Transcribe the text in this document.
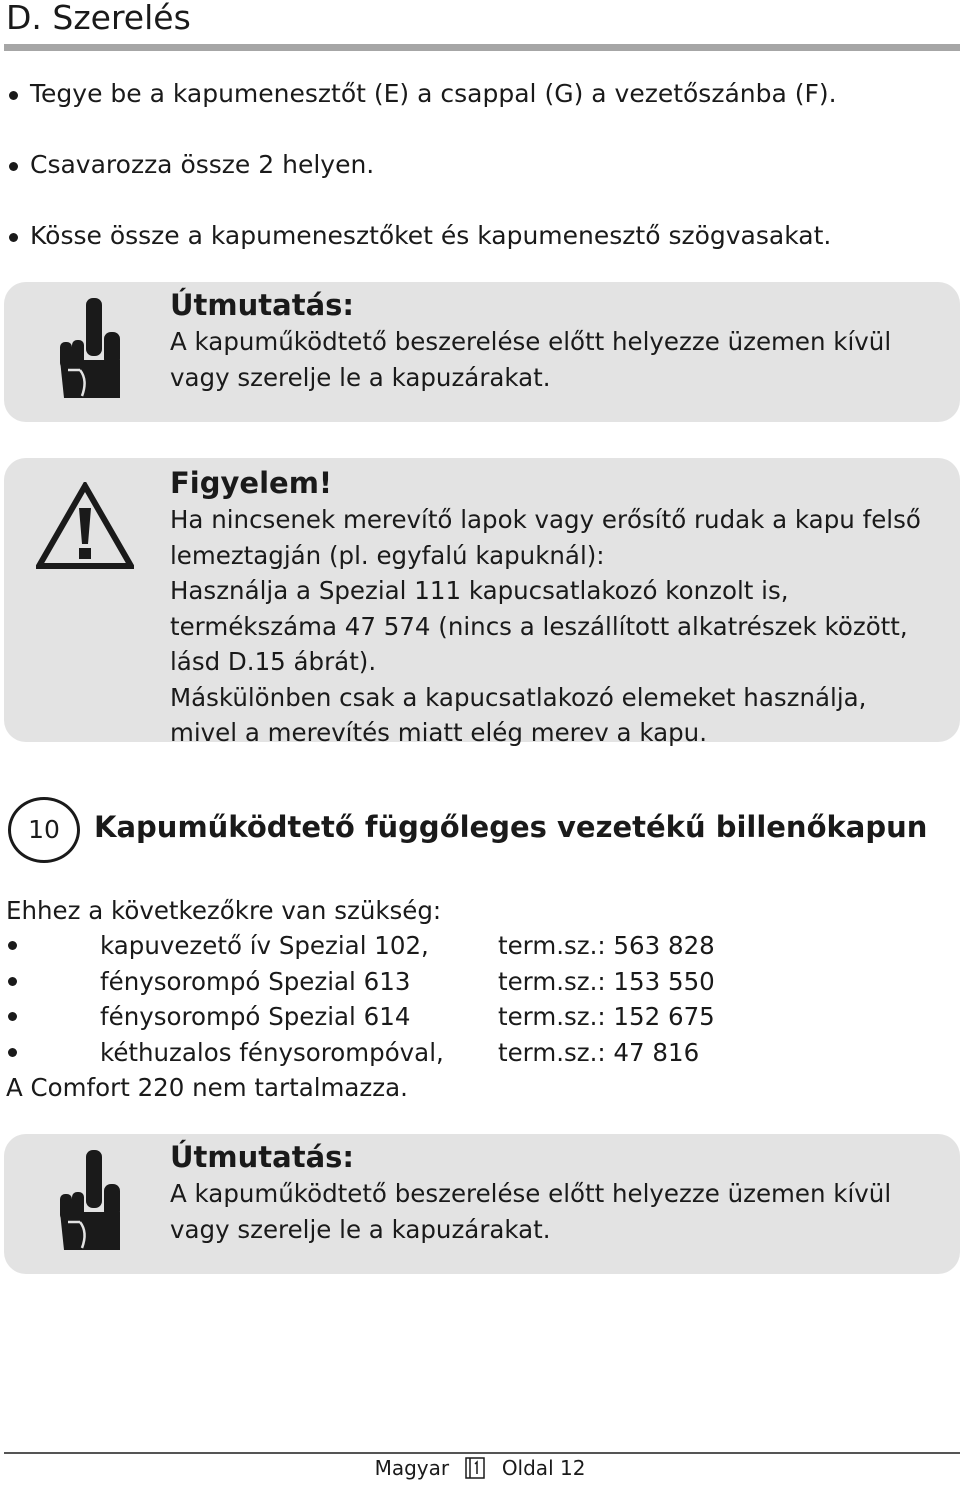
D. Szerelés
Tegye be a kapumenesztőt (E) a csappal (G) a vezetőszánba (F).
Csavarozza össze 2 helyen.
Kösse össze a kapumenesztőket és kapumenesztő szögvasakat.
Útmutatás:
A kapuműködtető beszerelése előtt helyezze üzemen kívül vagy szerelje le a kapuzárakat.
Figyelem!
Ha nincsenek merevítő lapok vagy erősítő rudak a kapu felső lemeztagján (pl. egyfalú kapuknál):
Használja a Spezial 111 kapucsatlakozó konzolt is, termékszáma 47 574 (nincs a leszállított alkatrészek között, lásd D.15 ábrát).
Máskülönben csak a kapucsatlakozó elemeket használja, mivel a merevítés miatt elég merev a kapu.
10	Kapuműködtető függőleges vezetékű billenőkapun
Ehhez a következőkre van szükség:
kapuvezető ív Spezial 102,	term.sz.: 563 828
fénysorompó Spezial 613	term.sz.: 153 550
fénysorompó Spezial 614	term.sz.: 152 675
kéthuzalos fénysorompóval, term.sz.: 47 816
A Comfort 220 nem tartalmazza.
Útmutatás:
A kapuműködtető beszerelése előtt helyezze üzemen kívül vagy szerelje le a kapuzárakat.
Magyar	Oldal 12
